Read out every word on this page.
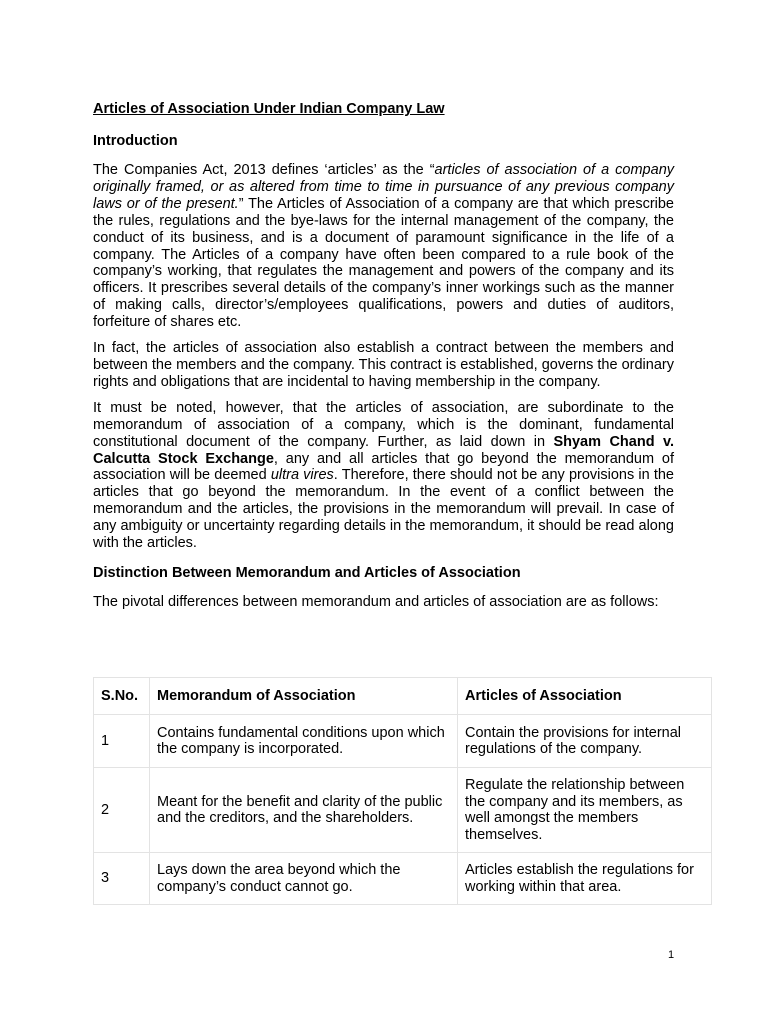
Articles of Association Under Indian Company Law
Introduction

The Companies Act, 2013 defines ‘articles’ as the “articles of association of a company originally framed, or as altered from time to time in pursuance of any previous company laws or of the present.” The Articles of Association of a company are that which prescribe the rules, regulations and the bye-laws for the internal management of the company, the conduct of its business, and is a document of paramount significance in the life of a company. The Articles of a company have often been compared to a rule book of the company’s working, that regulates the management and powers of the company and its officers. It prescribes several details of the company’s inner workings such as the manner of making calls, director’s/employees qualifications, powers and duties of auditors, forfeiture of shares etc.

In fact, the articles of association also establish a contract between the members and between the members and the company. This contract is established, governs the ordinary rights and obligations that are incidental to having membership in the company.

It must be noted, however, that the articles of association, are subordinate to the memorandum of association of a company, which is the dominant, fundamental constitutional document of the company. Further, as laid down in Shyam Chand v. Calcutta Stock Exchange, any and all articles that go beyond the memorandum of association will be deemed ultra vires. Therefore, there should not be any provisions in the articles that go beyond the memorandum. In the event of a conflict between the memorandum and the articles, the provisions in the memorandum will prevail. In case of any ambiguity or uncertainty regarding details in the memorandum, it should be read along with the articles.

Distinction Between Memorandum and Articles of Association

The pivotal differences between memorandum and articles of association are as follows:

S.No.	Memorandum of Association	Articles of Association
1	Contains fundamental conditions upon which the company is incorporated.	Contain the provisions for internal regulations of the company.
2	Meant for the benefit and clarity of the public and the creditors, and the shareholders.	Regulate the relationship between the company and its members, as well amongst the members themselves.
3	Lays down the area beyond which the company’s conduct cannot go.	Articles establish the regulations for working within that area.
1
